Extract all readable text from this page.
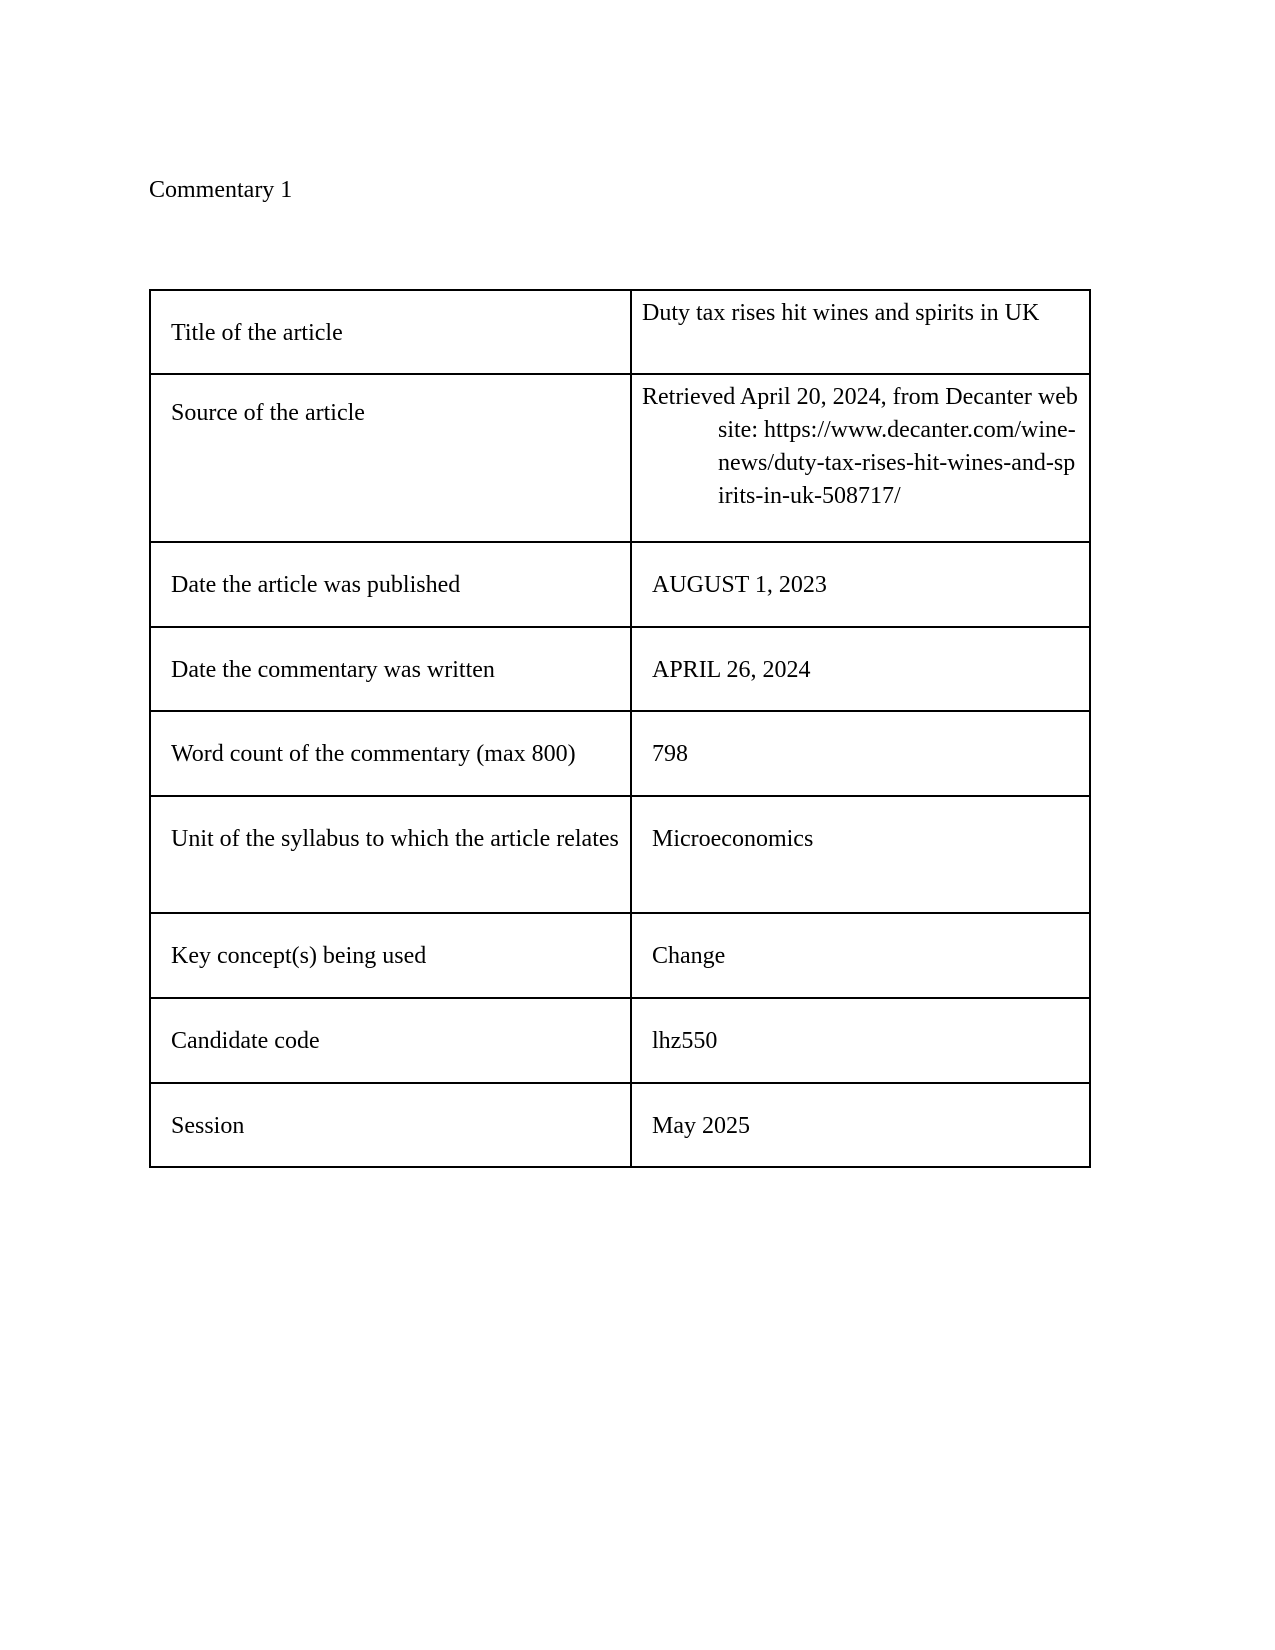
Commentary 1
Title of the article	Duty tax rises hit wines and spirits in UK
Source of the article	Retrieved April 20, 2024, from Decanter website: https://www.decanter.com/wine-news/duty-tax-rises-hit-wines-and-spirits-in-uk-508717/

Date the article was published	AUGUST 1, 2023
Date the commentary was written	APRIL 26, 2024
Word count of the commentary (max 800)	798

Unit of the syllabus to which the article relates	Microeconomics
Key concept(s) being used	Change
Candidate code	lhz550
Session	May 2025
